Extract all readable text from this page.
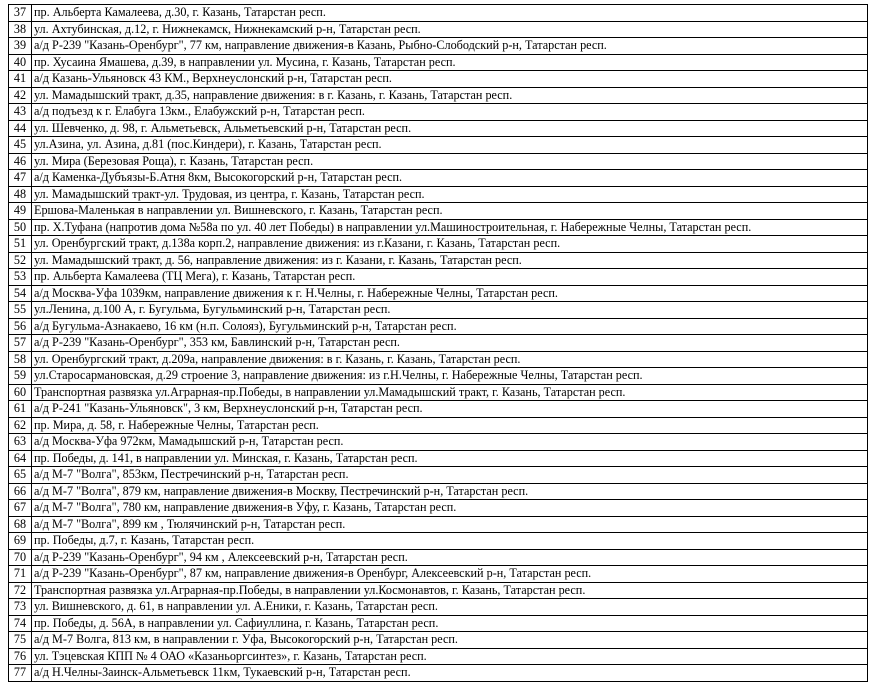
37	пр. Альберта Камалеева, д.30, г. Казань, Татарстан респ.
38	ул. Ахтубинская, д.12, г. Нижнекамск, Нижнекамский р-н, Татарстан респ.
39	а/д Р-239 "Казань-Оренбург", 77 км, направление движения-в Казань, Рыбно-Слободский р-н, Татарстан респ.
40	пр. Хусаина Ямашева, д.39, в направлении ул. Мусина, г. Казань, Татарстан респ.
41	а/д Казань-Ульяновск 43 КМ., Верхнеуслонский р-н, Татарстан респ.
42	ул. Мамадышский тракт, д.35, направление движения: в г. Казань, г. Казань, Татарстан респ.
43	а/д подъезд к г. Елабуга 13км., Елабужский р-н, Татарстан респ.
44	ул. Шевченко, д. 98, г. Альметьевск, Альметьевский р-н, Татарстан респ.
45	ул.Азина, ул. Азина, д.81 (пос.Киндери), г. Казань, Татарстан респ.
46	ул. Мира (Березовая Роща), г. Казань, Татарстан респ.
47	а/д Каменка-Дубъязы-Б.Атня 8км, Высокогорский р-н, Татарстан респ.
48	ул. Мамадышский тракт-ул. Трудовая, из центра, г. Казань, Татарстан респ.
49	Ершова-Маленькая в направлении ул. Вишневского, г. Казань, Татарстан респ.
50	пр. Х.Туфана (напротив дома №58а по ул. 40 лет Победы) в направлении ул.Машиностроительная, г. Набережные Челны, Татарстан респ.
51	ул. Оренбургский тракт, д.138а корп.2, направление движения: из г.Казани, г. Казань, Татарстан респ.
52	ул. Мамадышский тракт, д. 56, направление движения: из г. Казани, г. Казань, Татарстан респ.
53	пр. Альберта Камалеева (ТЦ Мега), г. Казань, Татарстан респ.
54	а/д Москва-Уфа 1039км, направление движения к г. Н.Челны, г. Набережные Челны, Татарстан респ.
55	ул.Ленина, д.100 А, г. Бугульма, Бугульминский р-н, Татарстан респ.
56	а/д Бугульма-Азнакаево, 16 км (н.п. Солояз), Бугульминский р-н, Татарстан респ.
57	а/д Р-239 "Казань-Оренбург", 353 км, Бавлинский р-н, Татарстан респ.
58	ул. Оренбургский тракт, д.209а, направление движения: в г. Казань, г. Казань, Татарстан респ.
59	ул.Старосармановская, д.29 строение 3, направление движения: из г.Н.Челны, г. Набережные Челны, Татарстан респ.
60	Транспортная развязка ул.Аграрная-пр.Победы, в направлении ул.Мамадышский тракт, г. Казань, Татарстан респ.
61	а/д Р-241 "Казань-Ульяновск", 3 км, Верхнеуслонский р-н, Татарстан респ.
62	пр. Мира, д. 58, г. Набережные Челны, Татарстан респ.
63	а/д Москва-Уфа 972км, Мамадышский р-н, Татарстан респ.
64	пр. Победы, д. 141, в направлении ул. Минская, г. Казань, Татарстан респ.
65	а/д М-7 "Волга", 853км, Пестречинский р-н, Татарстан респ.
66	а/д М-7 "Волга", 879 км, направление движения-в Москву, Пестречинский р-н, Татарстан респ.
67	а/д М-7 "Волга", 780 км, направление движения-в Уфу, г. Казань, Татарстан респ.
68	а/д М-7 "Волга", 899 км , Тюлячинский р-н, Татарстан респ.
69	пр. Победы, д.7, г. Казань, Татарстан респ.
70	а/д Р-239 "Казань-Оренбург", 94 км , Алексеевский р-н, Татарстан респ.
71	а/д Р-239 "Казань-Оренбург", 87 км, направление движения-в Оренбург, Алексеевский р-н, Татарстан респ.
72	Транспортная развязка ул.Аграрная-пр.Победы, в направлении ул.Космонавтов, г. Казань, Татарстан респ.
73	ул. Вишневского, д. 61, в направлении ул. А.Еники, г. Казань, Татарстан респ.
74	пр. Победы, д. 56А, в направлении ул. Сафиуллина, г. Казань, Татарстан респ.
75	а/д М-7 Волга, 813 км, в направлении г. Уфа, Высокогорский р-н, Татарстан респ.
76	ул. Тэцевская КПП № 4 ОАО «Казаньоргсинтез», г. Казань, Татарстан респ.
77	а/д Н.Челны-Заинск-Альметьевск 11км, Тукаевский р-н, Татарстан респ.
